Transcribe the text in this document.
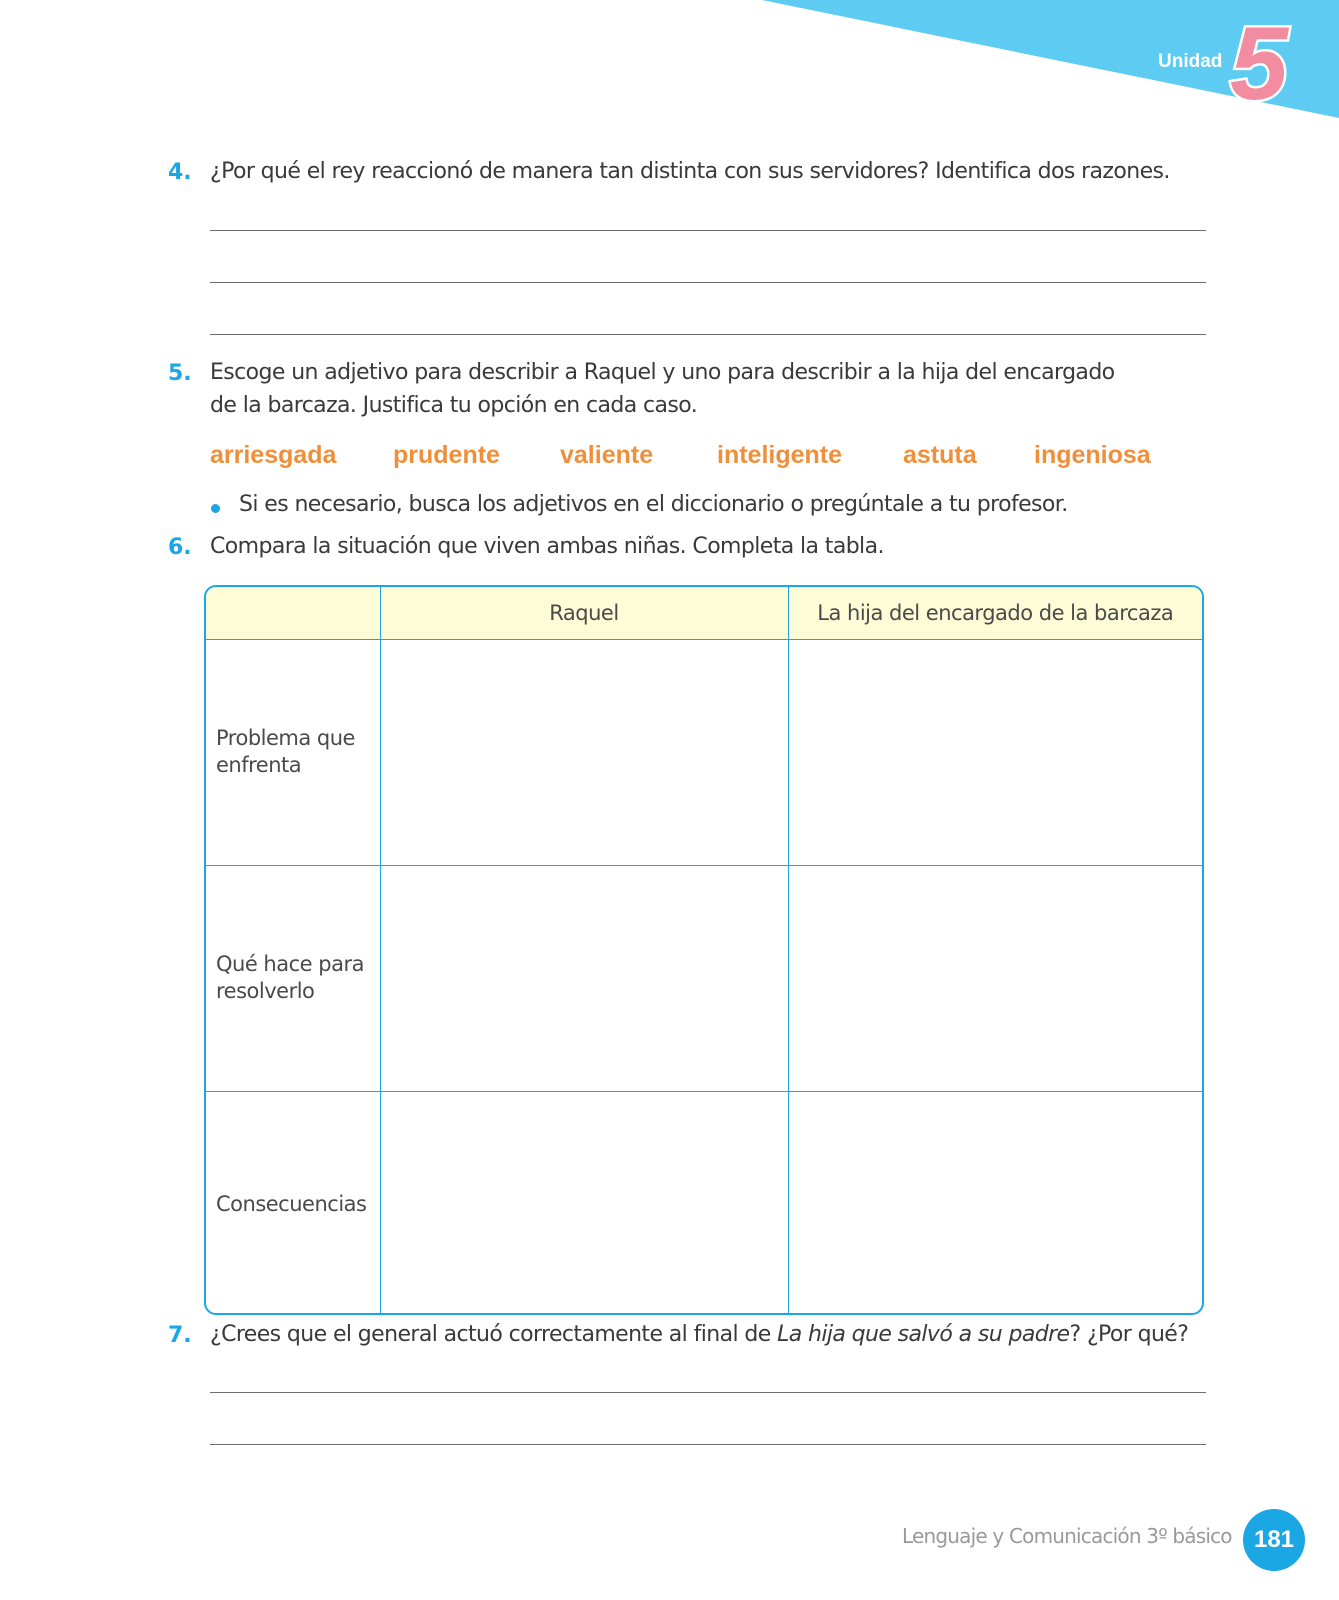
Unidad 5
4. ¿Por qué el rey reaccionó de manera tan distinta con sus servidores? Identifica dos razones.
5. Escoge un adjetivo para describir a Raquel y uno para describir a la hija del encargado
de la barcaza. Justifica tu opción en cada caso.
arriesgada prudente valiente	inteligente astuta ingeniosa
Si es necesario, busca los adjetivos en el diccionario o pregúntale a tu profesor.
6. Compara la situación que viven ambas niñas. Completa la tabla.
	Raquel	La hija del encargado de la barcaza

Problema que
enfrenta		

Qué hace para
resolverlo		

Consecuencias		

7. ¿Crees que el general actuó correctamente al final de La hija que salvó a su padre? ¿Por qué?
Lenguaje y Comunicación 3º básico 181
